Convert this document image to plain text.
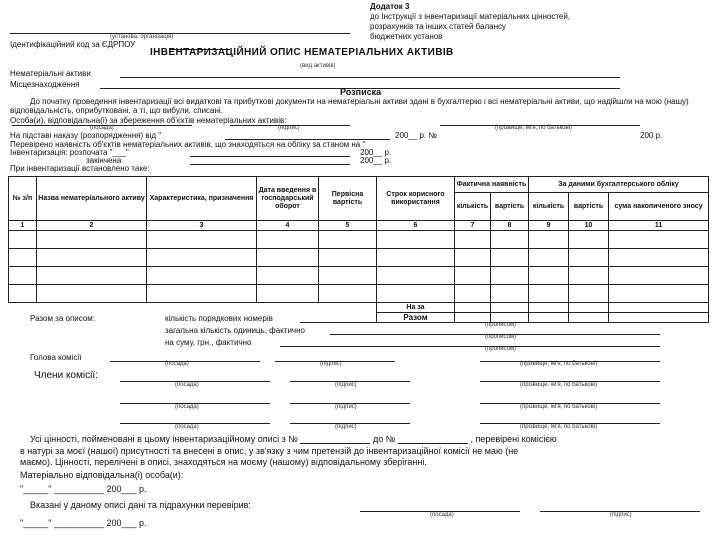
Додаток 3
до Інструкції з інвентаризації матеріальних цінностей,
розрахунків та інших статей балансу
бюджетних установ
(установа, організація)
Ідентифікаційний код за ЄДРПОУ
ІНВЕНТАРИЗАЦІЙНИЙ ОПИС НЕМАТЕРІАЛЬНИХ АКТИВІВ
Нематеріальні активи
(вид активів)
Місцезнаходження
Розписка
До початку проведення інвентаризації всі видаткові та прибуткові документи на нематеріальні активи здані в бухгалтерію і всі нематеріальні активи, що надійшли на мою (нашу) відповідальність, оприбутковані, а ті, що вибули, списані.
Особа(и), відповідальна(і) за збереження об'єктів нематеріальних активів:
(посада)	(підпис)	(прізвище, ім'я, по батькові)
На підставі наказу (розпорядження) від "	200__ р. №
Перевірено наявність об'єктів нематеріальних активів, що знаходяться на обліку за станом на "
200 р.
Інвентаризація: розпочата "___"	200__ р.
закінчена	200__ р.
При інвентаризації встановлено таке:
№ з/п	Назва нематеріального активу	Характеристика, призначення	Дата введення в господарський оборот	Первісна вартість	Строк корисного використання	Фактична наявність		За даними бухгалтерського обліку		
						кількість	вартість	кількість	вартість	сума накопиченого зносу
1	2	3	4	5	6	7	8	9	10	11

					На за					
					Разом					
Разом за описом:	кількість порядкових номерів
(прописом)
загальна кількість одиниць, фактично
(прописом)
на суму, грн., фактично
(прописом)
Голова комісії
(посада)	(підпис)	(прізвище, ім'я, по батькові)
Члени комісії:
(посада)	(підпис)	(прізвище, ім'я, по батькові)
(посада)	(підпис)	(прізвище, ім'я, по батькові)
(посада)	(підпис)	(прізвище, ім'я, по батькові)
Усі цінності, пойменовані в цьому інвентаризаційному описі з №	до №	, перевірені комісією
в натурі за моєї (нашої) присутності та внесені в опис, у зв'язку з чим претензій до інвентаризаційної комісії не маю (не
маємо). Цінності, перелічені в описі, знаходяться на моєму (нашому) відповідальному зберіганні.
Матеріально відповідальна(і) особа(и):
"_____" __________ 200___ р.
Вказані у даному описі дані та підрахунки перевірив:
(посада)	(підпис)
"_____" __________ 200___ р.
